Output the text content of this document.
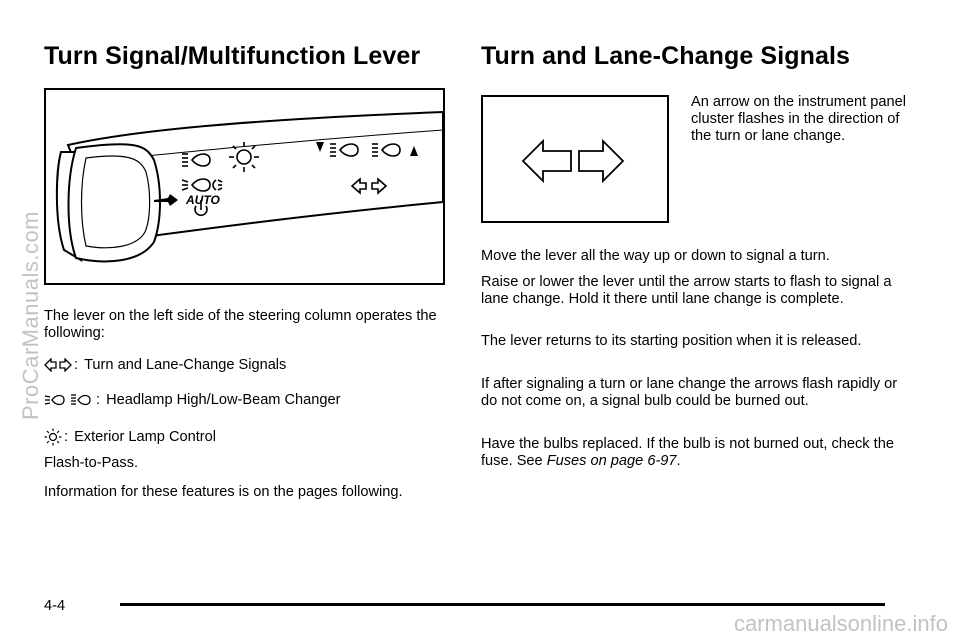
Turn Signal/Multifunction Lever
AUTO

The lever on the left side of the steering column operates the following:

: Turn and Lane-Change Signals
: Headlamp High/Low-Beam Changer
: Exterior Lamp Control

Flash-to-Pass.

Information for these features is on the pages following.

Turn and Lane-Change Signals

An arrow on the instrument panel cluster flashes in the direction of the turn or lane change.

Move the lever all the way up or down to signal a turn.

Raise or lower the lever until the arrow starts to flash to signal a lane change. Hold it there until lane change is complete.

The lever returns to its starting position when it is released.

If after signaling a turn or lane change the arrows flash rapidly or do not come on, a signal bulb could be burned out.

Have the bulbs replaced. If the bulb is not burned out, check the fuse. See Fuses on page 6-97.

4-4
ProCarManuals.com
carmanualsonline.info
